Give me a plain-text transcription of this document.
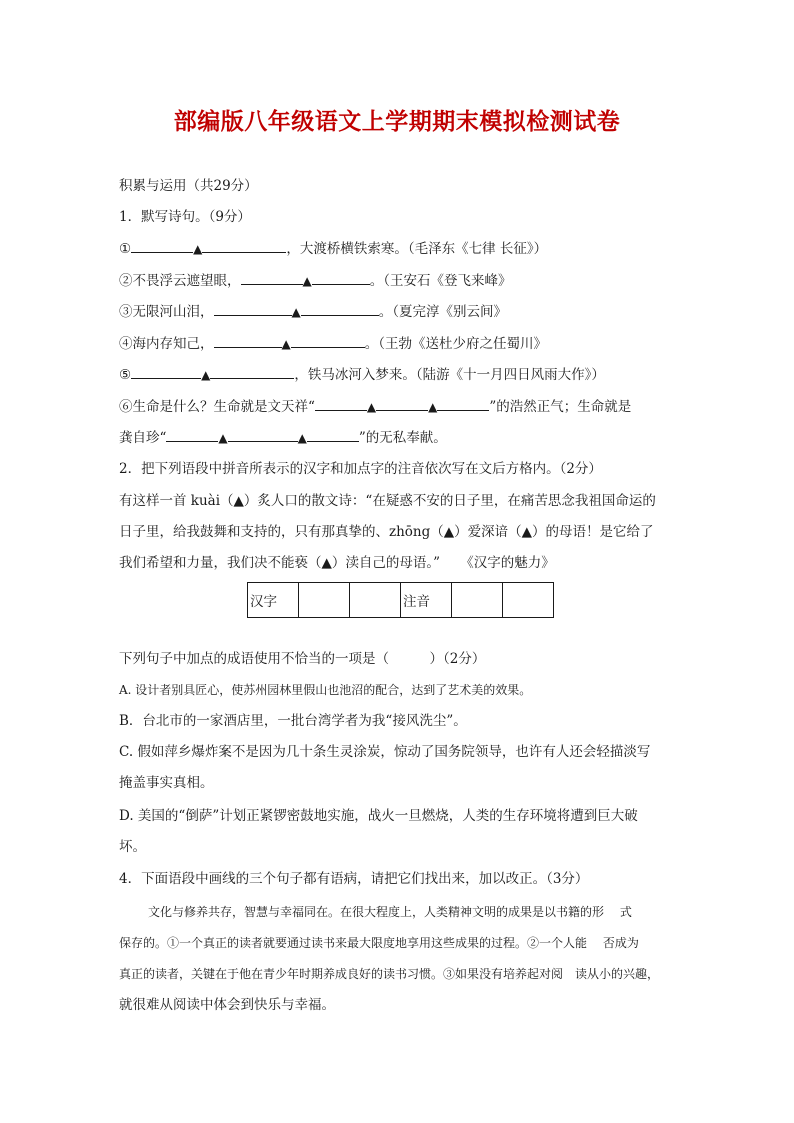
部编版八年级语文上学期期末模拟检测试卷
积累与运用（共29分）
1．默写诗句。（9分）
①	▲	，大渡桥横铁索寒。（毛泽东《七律 长征》）
②不畏浮云遮望眼，	▲	。（王安石《登飞来峰》
③无限河山泪，	▲	。（夏完淳《别云间》
④海内存知己，	▲	。（王勃《送杜少府之任蜀川》
⑤	▲	，铁马冰河入梦来。（陆游《十一月四日风雨大作》）
⑥生命是什么？生命就是文天祥“	▲	▲	”的浩然正气；生命就是
龚自珍“	▲	▲	”的无私奉献。
2．把下列语段中拼音所表示的汉字和加点字的注音依次写在文后方格内。（2分）
有这样一首 kuài（▲）炙人口的散文诗：“在疑惑不安的日子里，在痛苦思念我祖国命运的
日子里，给我鼓舞和支持的，只有那真挚的、zhōng（▲）爱深谙（▲）的母语！是它给了
我们希望和力量，我们决不能亵（▲）渎自己的母语。”　　《汉字的魅力》
汉字			注音		
下列句子中加点的成语使用不恰当的一项是（　　　）（2分）
A. 设计者别具匠心，使苏州园林里假山也池沼的配合，达到了艺术美的效果。
B．台北市的一家酒店里，一批台湾学者为我“接风洗尘”。
C. 假如萍乡爆炸案不是因为几十条生灵涂炭，惊动了国务院领导，也许有人还会轻描淡写
掩盖事实真相。
D. 美国的“倒萨”计划正紧锣密鼓地实施，战火一旦燃烧，人类的生存环境将遭到巨大破
坏。
4．下面语段中画线的三个句子都有语病，请把它们找出来，加以改正。（3分）
文化与修养共存，智慧与幸福同在。在很大程度上，人类精神文明的成果是以书籍的形　 式
保存的。①一个真正的读者就要通过读书来最大限度地享用这些成果的过程。②一个人能　 否成为
真正的读者，关键在于他在青少年时期养成良好的读书习惯。③如果没有培养起对阅　读从小的兴趣，
就很难从阅读中体会到快乐与幸福。
